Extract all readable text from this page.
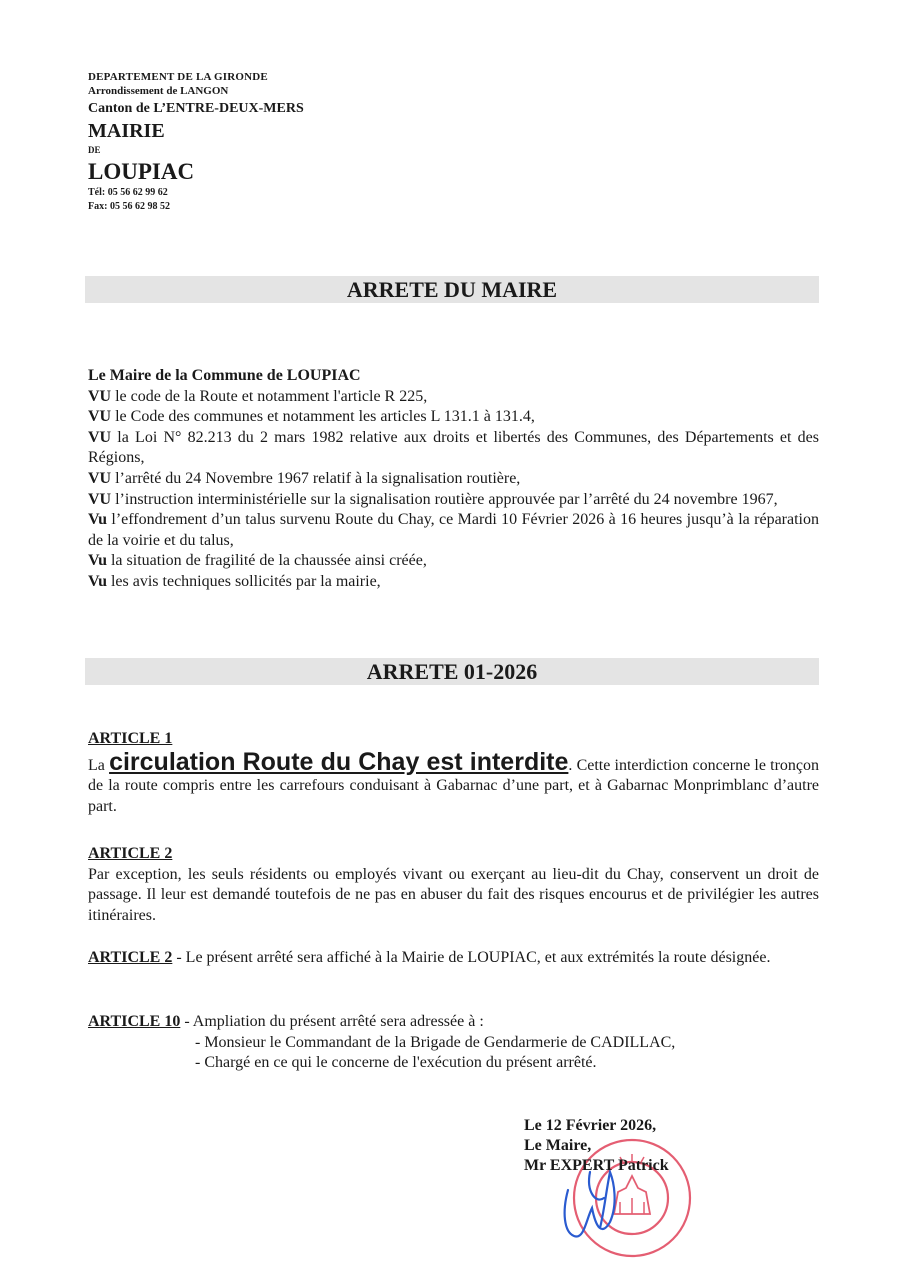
DEPARTEMENT DE LA GIRONDE
Arrondissement de LANGON
Canton de L’ENTRE-DEUX-MERS
MAIRIE
DE
LOUPIAC
Tél: 05 56 62 99 62
Fax: 05 56 62 98 52
ARRETE DU MAIRE

Le Maire de la Commune de LOUPIAC

VU le code de la Route et notamment l'article R 225,

VU le Code des communes et notamment les articles L 131.1 à 131.4,

VU la Loi N° 82.213 du 2 mars 1982 relative aux droits et libertés des Communes, des Départements et des Régions,

VU l’arrêté du 24 Novembre 1967 relatif à la signalisation routière,

VU l’instruction interministérielle sur la signalisation routière approuvée par l’arrêté du 24 novembre 1967,

Vu l’effondrement d’un talus survenu Route du Chay, ce Mardi 10 Février 2026 à 16 heures jusqu’à la réparation de la voirie et du talus,

Vu la situation de fragilité de la chaussée ainsi créée,

Vu les avis techniques sollicités par la mairie,

ARRETE 01-2026

ARTICLE 1

La circulation Route du Chay est interdite. Cette interdiction concerne le tronçon de la route compris entre les carrefours conduisant à Gabarnac d’une part, et à Gabarnac Monprimblanc d’autre part.

ARTICLE 2

Par exception, les seuls résidents ou employés vivant ou exerçant au lieu-dit du Chay, conservent un droit de passage. Il leur est demandé toutefois de ne pas en abuser du fait des risques encourus et de privilégier les autres itinéraires.

ARTICLE 2 - Le présent arrêté sera affiché à la Mairie de LOUPIAC, et aux extrémités la route désignée.

ARTICLE 10 - Ampliation du présent arrêté sera adressée à :

- Monsieur le Commandant de la Brigade de Gendarmerie de CADILLAC,

- Chargé en ce qui le concerne de l'exécution du présent arrêté.

Le 12 Février 2026,
Le Maire,
Mr EXPERT Patrick
